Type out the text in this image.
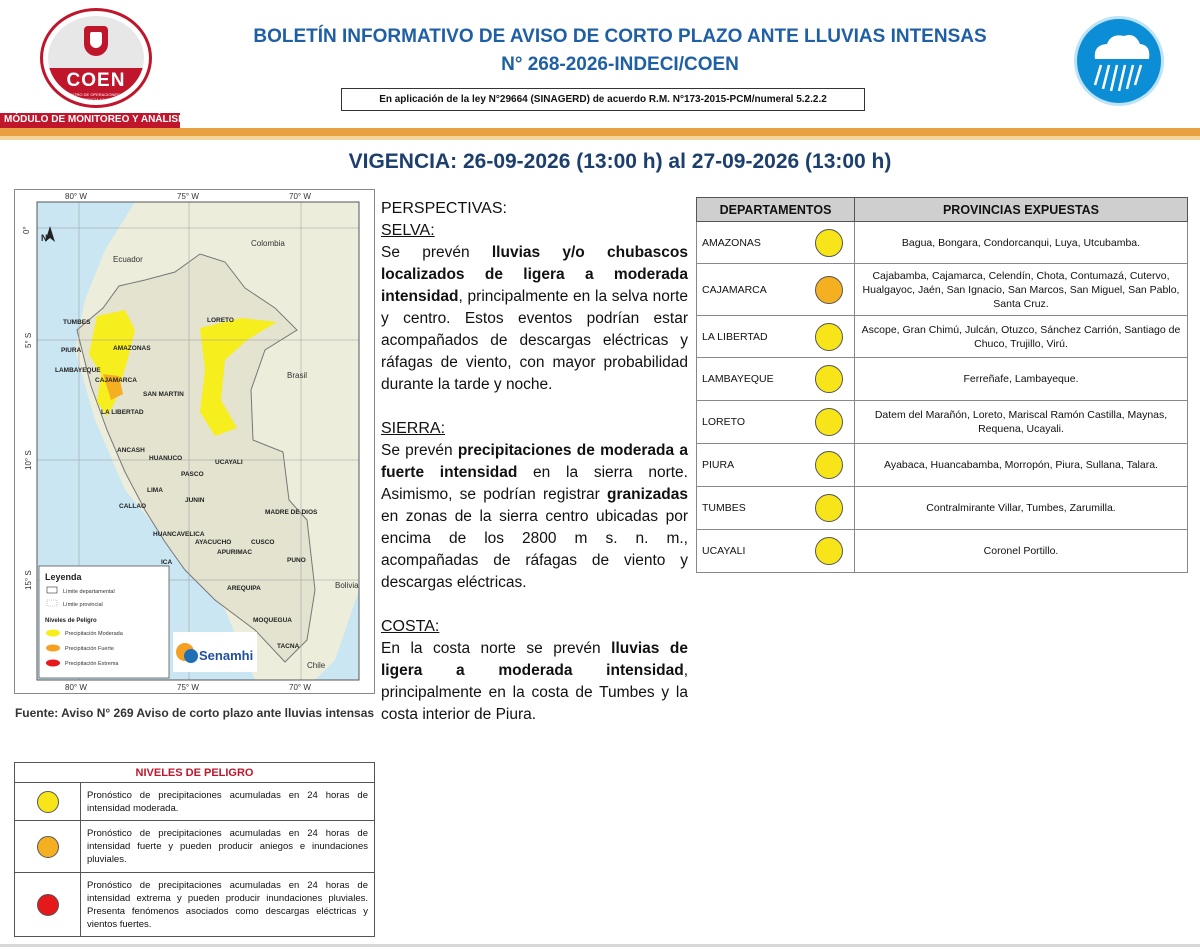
COEN
CENTRO DE OPERACIONES DE EMERGENCIA NACIONAL
MÓDULO DE MONITOREO Y ANÁLISIS
BOLETÍN INFORMATIVO DE AVISO DE CORTO PLAZO ANTE LLUVIAS INTENSAS
N° 268-2026-INDECI/COEN
En aplicación de la ley N°29664 (SINAGERD) de acuerdo R.M. N°173-2015-PCM/numeral 5.2.2.2
VIGENCIA: 26-09-2026 (13:00 h) al 27-09-2026 (13:00 h)
80° W	75° W	70° W
80° W	75° W	70° W
0°
5° S
10° S
15° S
N
Colombia
Ecuador
Brasil
Bolivia
Chile
TUMBES
PIURA	AMAZONAS
LAMBAYEQUE
CAJAMARCA
LORETO
SAN MARTIN
LA LIBERTAD
ANCASH
HUANUCO
UCAYALI
PASCO
JUNIN
LIMA
CALLAO
MADRE DE DIOS
HUANCAVELICA
CUSCO
ICA
AYACUCHO
APURIMAC
PUNO
AREQUIPA
MOQUEGUA
TACNA
Leyenda
Límite departamental
Límite provincial
Niveles de Peligro
Precipitación Moderada
Precipitación Fuerte
Precipitación Extrema
Senamhi
Fuente: Aviso N° 269 Aviso de corto plazo ante lluvias intensas
NIVELES DE PELIGRO	
	Pronóstico de precipitaciones acumuladas en 24 horas de intensidad moderada.
	Pronóstico de precipitaciones acumuladas en 24 horas de intensidad fuerte y pueden producir aniegos e inundaciones pluviales.
	Pronóstico de precipitaciones acumuladas en 24 horas de intensidad extrema y pueden producir inundaciones pluviales. Presenta fenómenos asociados como descargas eléctricas y vientos fuertes.
PERSPECTIVAS:
SELVA:

Se prevén lluvias y/o chubascos localizados de ligera a moderada intensidad, principalmente en la selva norte y centro. Estos eventos podrían estar acompañados de descargas eléctricas y ráfagas de viento, con mayor probabilidad durante la tarde y noche.

SIERRA:

Se prevén precipitaciones de moderada a fuerte intensidad en la sierra norte. Asimismo, se podrían registrar granizadas en zonas de la sierra centro ubicadas por encima de los 2800 m s. n. m., acompañadas de ráfagas de viento y descargas eléctricas.

COSTA:

En la costa norte se prevén lluvias de ligera a moderada intensidad, principalmente en la costa de Tumbes y la costa interior de Piura.

DEPARTAMENTOS		PROVINCIAS EXPUESTAS
AMAZONAS		Bagua, Bongara, Condorcanqui, Luya, Utcubamba.
CAJAMARCA		Cajabamba, Cajamarca, Celendín, Chota, Contumazá, Cutervo, Hualgayoc, Jaén, San Ignacio, San Marcos, San Miguel, San Pablo, Santa Cruz.
LA LIBERTAD		Ascope, Gran Chimú, Julcán, Otuzco, Sánchez Carrión, Santiago de Chuco, Trujillo, Virú.
LAMBAYEQUE		Ferreñafe, Lambayeque.
LORETO		Datem del Marañón, Loreto, Mariscal Ramón Castilla, Maynas, Requena, Ucayali.
PIURA		Ayabaca, Huancabamba, Morropón, Piura, Sullana, Talara.
TUMBES		Contralmirante Villar, Tumbes, Zarumilla.
UCAYALI		Coronel Portillo.
